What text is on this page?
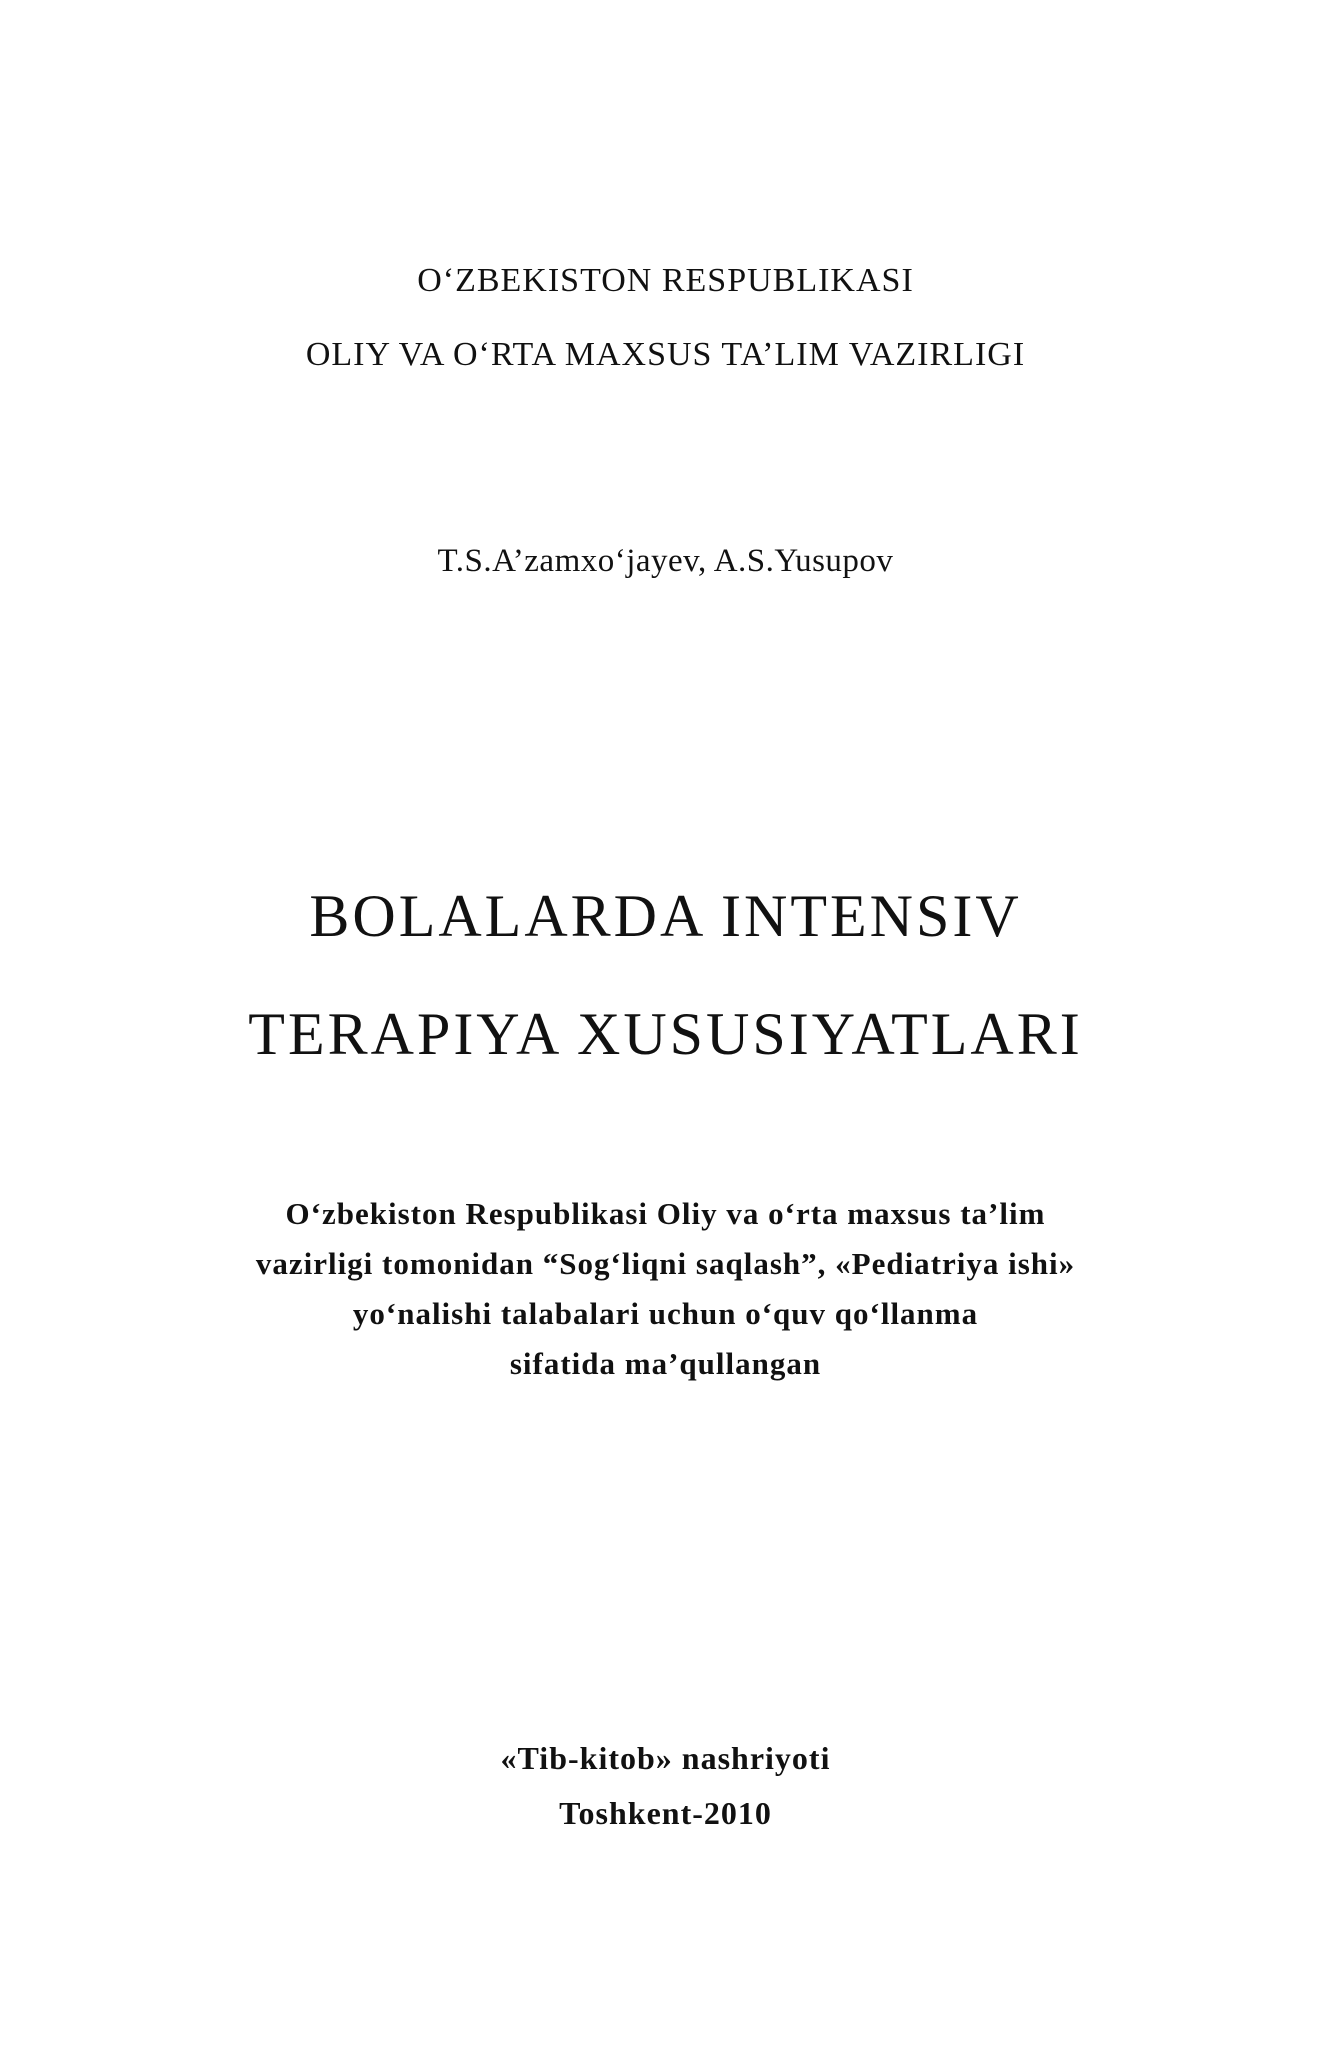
O‘ZBEKISTON RESPUBLIKASI
OLIY VA O‘RTA MAXSUS TA’LIM VAZIRLIGI
T.S.A’zamxo‘jayev, A.S.Yusupov
BOLALARDA INTENSIV
TERAPIYA XUSUSIYATLARI
O‘zbekiston Respublikasi Oliy va o‘rta maxsus ta’lim
vazirligi tomonidan “Sog‘liqni saqlash”, «Pediatriya ishi»
yo‘nalishi talabalari uchun o‘quv qo‘llanma
sifatida ma’qullangan
«Tib-kitob» nashriyoti
Toshkent-2010
